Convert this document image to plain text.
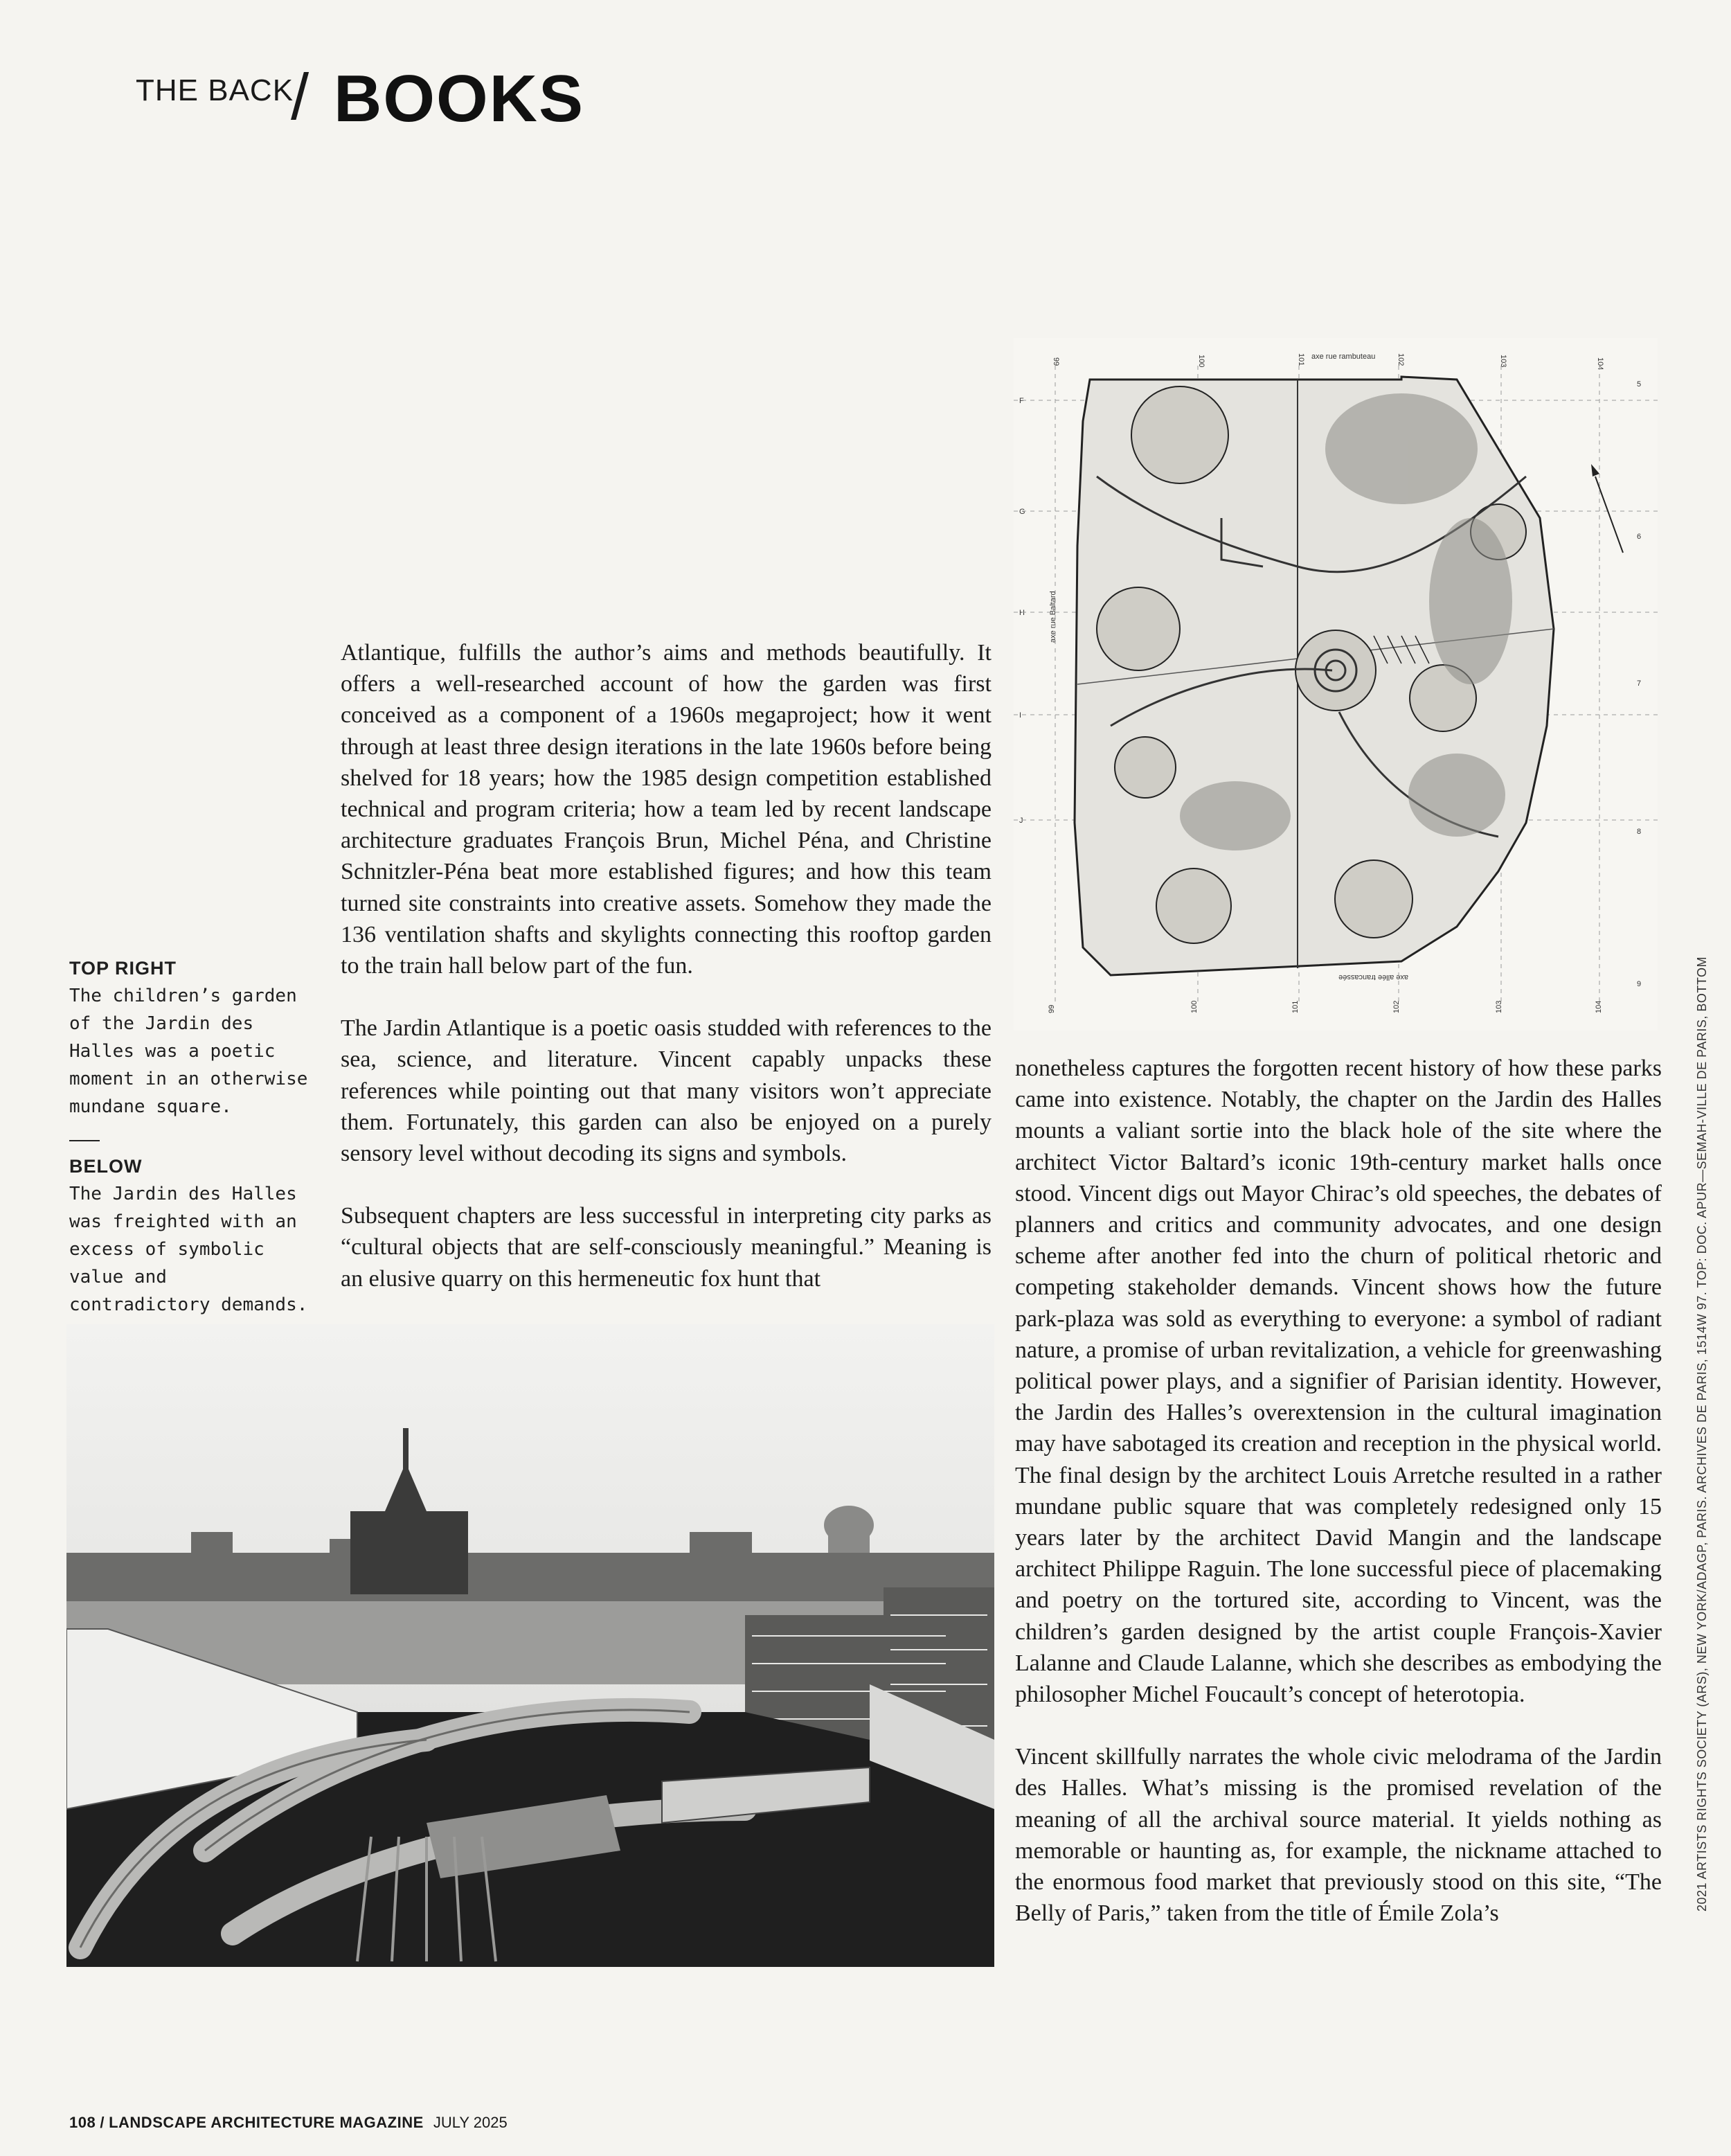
THE BACK
/ BOOKS
99	100	101 axe rue rambuteau	102	103	104
99	100	101	102	103	104
F
G
H
I
J
5
6
7
8
9
axe rue Baltard
axe allée trancassée

Atlantique, fulfills the author’s aims and methods beautifully. It offers a well-researched account of how the garden was first conceived as a component of a 1960s megaproject; how it went through at least three design iterations in the late 1960s before being shelved for 18 years; how the 1985 design competition established technical and program criteria; how a team led by recent landscape architecture graduates François Brun, Michel Péna, and Christine Schnitzler-Péna beat more established figures; and how this team turned site constraints into creative assets. Somehow they made the 136 ventilation shafts and skylights connecting this rooftop garden to the train hall below part of the fun.

The Jardin Atlantique is a poetic oasis studded with references to the sea, science, and literature. Vincent capably unpacks these references while pointing out that many visitors won’t appreciate them. Fortunately, this garden can also be enjoyed on a purely sensory level without decoding its signs and symbols.

Subsequent chapters are less successful in interpreting city parks as “cultural objects that are self-consciously meaningful.” Meaning is an elusive quarry on this hermeneutic fox hunt that

TOP RIGHT
The children’s garden of the Jardin des Halles was a poetic moment in an otherwise mundane square.
BELOW
The Jardin des Halles was freighted with an excess of symbolic value and contradictory demands.

nonetheless captures the forgotten recent history of how these parks came into existence. Notably, the chapter on the Jardin des Halles mounts a valiant sortie into the black hole of the site where the architect Victor Baltard’s iconic 19th-century market halls once stood. Vincent digs out Mayor Chirac’s old speeches, the debates of planners and critics and community advocates, and one design scheme after another fed into the churn of political rhetoric and competing stakeholder demands. Vincent shows how the future park-plaza was sold as everything to everyone: a symbol of radiant nature, a promise of urban revitalization, a vehicle for greenwashing political power plays, and a signifier of Parisian identity. However, the Jardin des Halles’s overextension in the cultural imagination may have sabotaged its creation and reception in the physical world. The final design by the architect Louis Arretche resulted in a rather mundane public square that was completely redesigned only 15 years later by the architect David Mangin and the landscape architect Philippe Raguin. The lone successful piece of placemaking and poetry on the tortured site, according to Vincent, was the children’s garden designed by the artist couple François-Xavier Lalanne and Claude Lalanne, which she describes as embodying the philosopher Michel Foucault’s concept of heterotopia.

Vincent skillfully narrates the whole civic melodrama of the Jardin des Halles. What’s missing is the promised revelation of the meaning of all the archival source material. It yields nothing as memorable or haunting as, for example, the nickname attached to the enormous food market that previously stood on this site, “The Belly of Paris,” taken from the title of Émile Zola’s

2021 ARTISTS RIGHTS SOCIETY (ARS), NEW YORK/ADAGP, PARIS. ARCHIVES DE PARIS, 1514W 97. TOP: DOC. APUR—SEMAH-VILLE DE PARIS, BOTTOM
108 / LANDSCAPE ARCHITECTURE MAGAZINE JULY 2025
